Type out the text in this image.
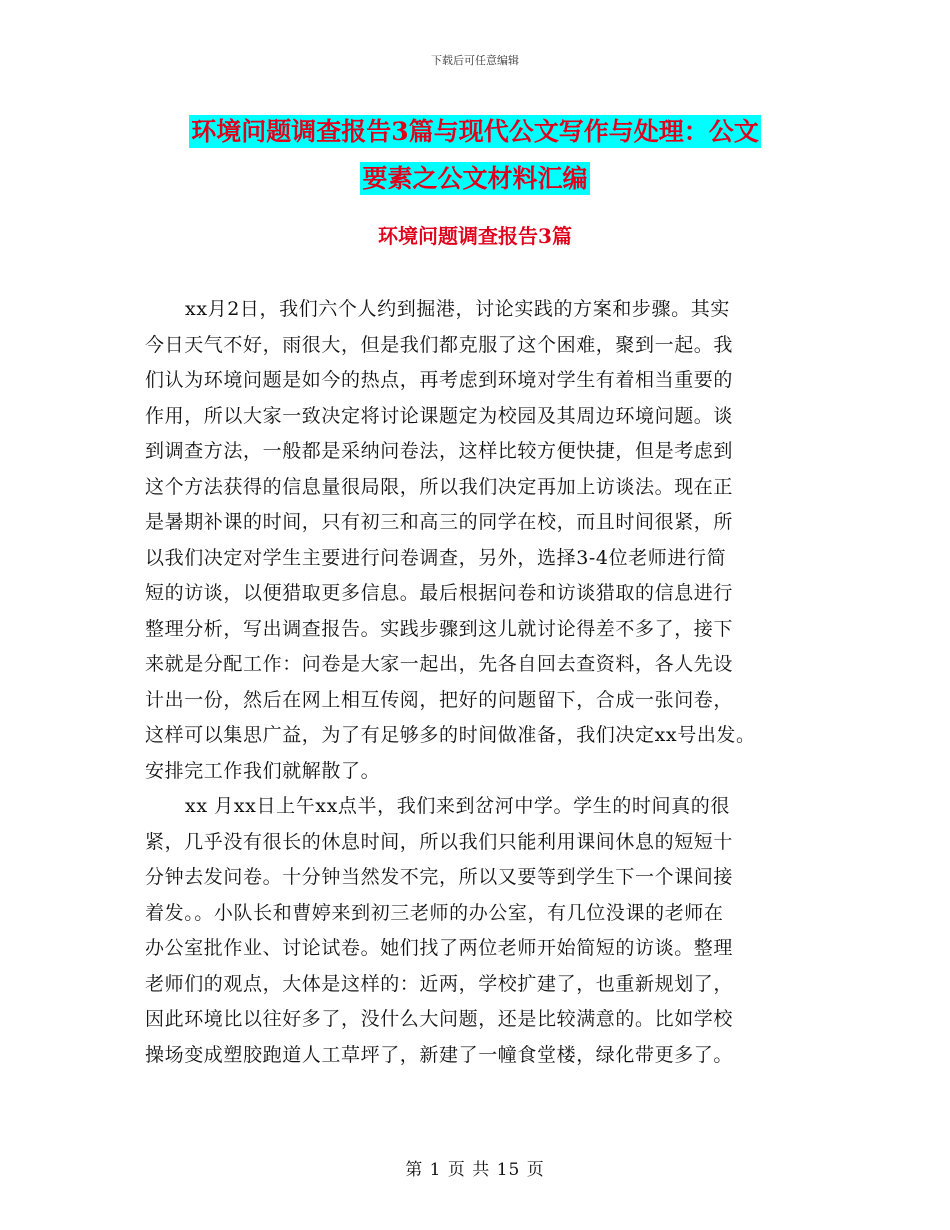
下载后可任意编辑
环境问题调查报告3篇与现代公文写作与处理：公文
要素之公文材料汇编
环境问题调查报告3篇
xx月2日，我们六个人约到掘港，讨论实践的方案和步骤。其实
今日天气不好，雨很大，但是我们都克服了这个困难，聚到一起。我
们认为环境问题是如今的热点，再考虑到环境对学生有着相当重要的
作用，所以大家一致决定将讨论课题定为校园及其周边环境问题。谈
到调查方法，一般都是采纳问卷法，这样比较方便快捷，但是考虑到
这个方法获得的信息量很局限，所以我们决定再加上访谈法。现在正
是暑期补课的时间，只有初三和高三的同学在校，而且时间很紧，所
以我们决定对学生主要进行问卷调查，另外，选择3-4位老师进行简
短的访谈，以便猎取更多信息。最后根据问卷和访谈猎取的信息进行
整理分析，写出调查报告。实践步骤到这儿就讨论得差不多了，接下
来就是分配工作：问卷是大家一起出，先各自回去查资料，各人先设
计出一份，然后在网上相互传阅，把好的问题留下，合成一张问卷，
这样可以集思广益，为了有足够多的时间做准备，我们决定xx号出发。
安排完工作我们就解散了。
xx 月xx日上午xx点半，我们来到岔河中学。学生的时间真的很
紧，几乎没有很长的休息时间，所以我们只能利用课间休息的短短十
分钟去发问卷。十分钟当然发不完，所以又要等到学生下一个课间接
着发。。小队长和曹婷来到初三老师的办公室，有几位没课的老师在
办公室批作业、讨论试卷。她们找了两位老师开始简短的访谈。整理
老师们的观点，大体是这样的：近两，学校扩建了，也重新规划了，
因此环境比以往好多了，没什么大问题，还是比较满意的。比如学校
操场变成塑胶跑道人工草坪了，新建了一幢食堂楼，绿化带更多了。
第 1 页 共 15 页
